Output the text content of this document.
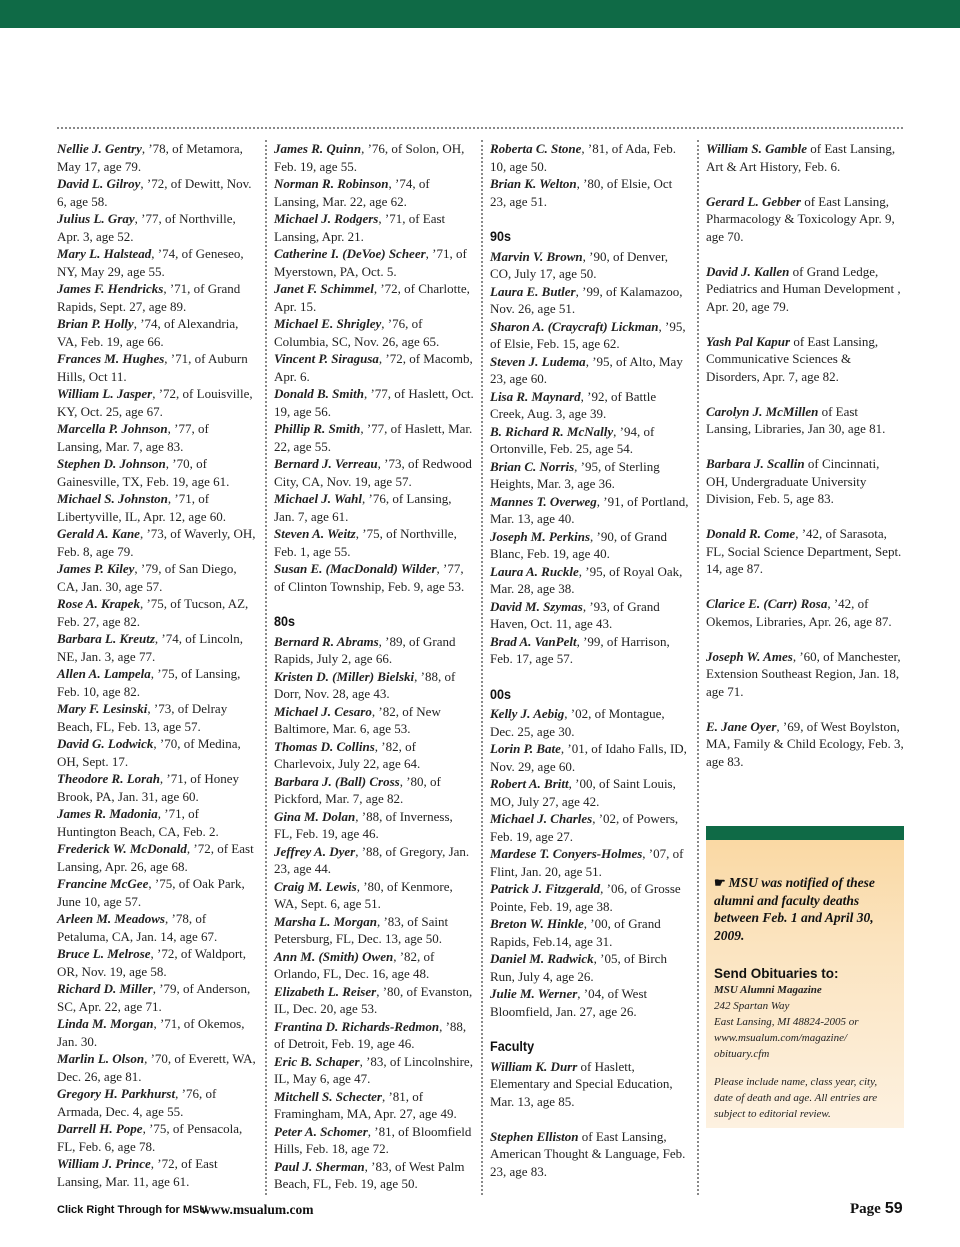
Nellie J. Gentry, ’78, of Metamora, May 17, age 79.

David L. Gilroy, ’72, of Dewitt, Nov. 6, age 58.

Julius L. Gray, ’77, of Northville, Apr. 3, age 52.

Mary L. Halstead, ’74, of Geneseo, NY, May 29, age 55.

James F. Hendricks, ’71, of Grand Rapids, Sept. 27, age 89.

Brian P. Holly, ’74, of Alexandria, VA, Feb. 19, age 66.

Frances M. Hughes, ’71, of Auburn Hills, Oct 11.

William L. Jasper, ’72, of Louisville, KY, Oct. 25, age 67.

Marcella P. Johnson, ’77, of Lansing, Mar. 7, age 83.

Stephen D. Johnson, ’70, of Gainesville, TX, Feb. 19, age 61.

Michael S. Johnston, ’71, of Libertyville, IL, Apr. 12, age 60.

Gerald A. Kane, ’73, of Waverly, OH, Feb. 8, age 79.

James P. Kiley, ’79, of San Diego, CA, Jan. 30, age 57.

Rose A. Krapek, ’75, of Tucson, AZ, Feb. 27, age 82.

Barbara L. Kreutz, ’74, of Lincoln, NE, Jan. 3, age 77.

Allen A. Lampela, ’75, of Lansing, Feb. 10, age 82.

Mary F. Lesinski, ’73, of Delray Beach, FL, Feb. 13, age 57.

David G. Lodwick, ’70, of Medina, OH, Sept. 17.

Theodore R. Lorah, ’71, of Honey Brook, PA, Jan. 31, age 60.

James R. Madonia, ’71, of Huntington Beach, CA, Feb. 2.

Frederick W. McDonald, ’72, of East Lansing, Apr. 26, age 68.

Francine McGee, ’75, of Oak Park, June 10, age 57.

Arleen M. Meadows, ’78, of Petaluma, CA, Jan. 14, age 67.

Bruce L. Melrose, ’72, of Waldport, OR, Nov. 19, age 58.

Richard D. Miller, ’79, of Anderson, SC, Apr. 22, age 71.

Linda M. Morgan, ’71, of Okemos, Jan. 30.

Marlin L. Olson, ’70, of Everett, WA, Dec. 26, age 81.

Gregory H. Parkhurst, ’76, of Armada, Dec. 4, age 55.

Darrell H. Pope, ’75, of Pensacola, FL, Feb. 6, age 78.

William J. Prince, ’72, of East Lansing, Mar. 11, age 61.

James R. Quinn, ’76, of Solon, OH, Feb. 19, age 55.

Norman R. Robinson, ’74, of Lansing, Mar. 22, age 62.

Michael J. Rodgers, ’71, of East Lansing, Apr. 21.

Catherine I. (DeVoe) Scheer, ’71, of Myerstown, PA, Oct. 5.

Janet F. Schimmel, ’72, of Charlotte, Apr. 15.

Michael E. Shrigley, ’76, of Columbia, SC, Nov. 26, age 65.

Vincent P. Siragusa, ’72, of Macomb, Apr. 6.

Donald B. Smith, ’77, of Haslett, Oct. 19, age 56.

Phillip R. Smith, ’77, of Haslett, Mar. 22, age 55.

Bernard J. Verreau, ’73, of Redwood City, CA, Nov. 19, age 57.

Michael J. Wahl, ’76, of Lansing, Jan. 7, age 61.

Steven A. Weitz, ’75, of Northville, Feb. 1, age 55.

Susan E. (MacDonald) Wilder, ’77, of Clinton Township, Feb. 9, age 53.

80s

Bernard R. Abrams, ’89, of Grand Rapids, July 2, age 66.

Kristen D. (Miller) Bielski, ’88, of Dorr, Nov. 28, age 43.

Michael J. Cesaro, ’82, of New Baltimore, Mar. 6, age 53.

Thomas D. Collins, ’82, of Charlevoix, July 22, age 64.

Barbara J. (Ball) Cross, ’80, of Pickford, Mar. 7, age 82.

Gina M. Dolan, ’88, of Inverness, FL, Feb. 19, age 46.

Jeffrey A. Dyer, ’88, of Gregory, Jan. 23, age 44.

Craig M. Lewis, ’80, of Kenmore, WA, Sept. 6, age 51.

Marsha L. Morgan, ’83, of Saint Petersburg, FL, Dec. 13, age 50.

Ann M. (Smith) Owen, ’82, of Orlando, FL, Dec. 16, age 48.

Elizabeth L. Reiser, ’80, of Evanston, IL, Dec. 20, age 53.

Frantina D. Richards-Redmon, ’88, of Detroit, Feb. 19, age 46.

Eric B. Schaper, ’83, of Lincolnshire, IL, May 6, age 47.

Mitchell S. Schecter, ’81, of Framingham, MA, Apr. 27, age 49.

Peter A. Schomer, ’81, of Bloomfield Hills, Feb. 18, age 72.

Paul J. Sherman, ’83, of West Palm Beach, FL, Feb. 19, age 50.

Roberta C. Stone, ’81, of Ada, Feb. 10, age 50.

Brian K. Welton, ’80, of Elsie, Oct 23, age 51.

90s

Marvin V. Brown, ’90, of Denver, CO, July 17, age 50.

Laura E. Butler, ’99, of Kalamazoo, Nov. 26, age 51.

Sharon A. (Craycraft) Lickman, ’95, of Elsie, Feb. 15, age 62.

Steven J. Ludema, ’95, of Alto, May 23, age 60.

Lisa R. Maynard, ’92, of Battle Creek, Aug. 3, age 39.

B. Richard R. McNally, ’94, of Ortonville, Feb. 25, age 54.

Brian C. Norris, ’95, of Sterling Heights, Mar. 3, age 36.

Mannes T. Overweg, ’91, of Portland, Mar. 13, age 40.

Joseph M. Perkins, ’90, of Grand Blanc, Feb. 19, age 40.

Laura A. Ruckle, ’95, of Royal Oak, Mar. 28, age 38.

David M. Szymas, ’93, of Grand Haven, Oct. 11, age 43.

Brad A. VanPelt, ’99, of Harrison, Feb. 17, age 57.

00s

Kelly J. Aebig, ’02, of Montague, Dec. 25, age 30.

Lorin P. Bate, ’01, of Idaho Falls, ID, Nov. 29, age 60.

Robert A. Britt, ’00, of Saint Louis, MO, July 27, age 42.

Michael J. Charles, ’02, of Powers, Feb. 19, age 27.

Mardese T. Conyers-Holmes, ’07, of Flint, Jan. 20, age 51.

Patrick J. Fitzgerald, ’06, of Grosse Pointe, Feb. 19, age 38.

Breton W. Hinkle, ’00, of Grand Rapids, Feb.14, age 31.

Daniel M. Radwick, ’05, of Birch Run, July 4, age 26.

Julie M. Werner, ’04, of West Bloomfield, Jan. 27, age 26.

Faculty

William K. Durr of Haslett, Elementary and Special Education, Mar. 13, age 85.

Stephen Elliston of East Lansing, American Thought & Language, Feb. 23, age 83.

William S. Gamble of East Lansing, Art & Art History, Feb. 6.

Gerard L. Gebber of East Lansing, Pharmacology & Toxicology Apr. 9, age 70.

David J. Kallen of Grand Ledge, Pediatrics and Human Development , Apr. 20, age 79.

Yash Pal Kapur of East Lansing, Communicative Sciences & Disorders, Apr. 7, age 82.

Carolyn J. McMillen of East Lansing, Libraries, Jan 30, age 81.

Barbara J. Scallin of Cincinnati, OH, Undergraduate University Division, Feb. 5, age 83.

Donald R. Come, ’42, of Sarasota, FL, Social Science Department, Sept. 14, age 87.

Clarice E. (Carr) Rosa, ’42, of Okemos, Libraries, Apr. 26, age 87.

Joseph W. Ames, ’60, of Manchester, Extension Southeast Region, Jan. 18, age 71.

E. Jane Oyer, ’69, of West Boylston, MA, Family & Child Ecology, Feb. 3, age 83.

☛ MSU was notified of these alumni and faculty deaths between Feb. 1 and April 30, 2009.
Send Obituaries to:
MSU Alumni Magazine
242 Spartan Way
East Lansing, MI 48824-2005 or
www.msualum.com/magazine/
obituary.cfm
Please include name, class year, city, date of death and age. All entries are subject to editorial review.
Click Right Through for MSU
www.msualum.com	Page 59
